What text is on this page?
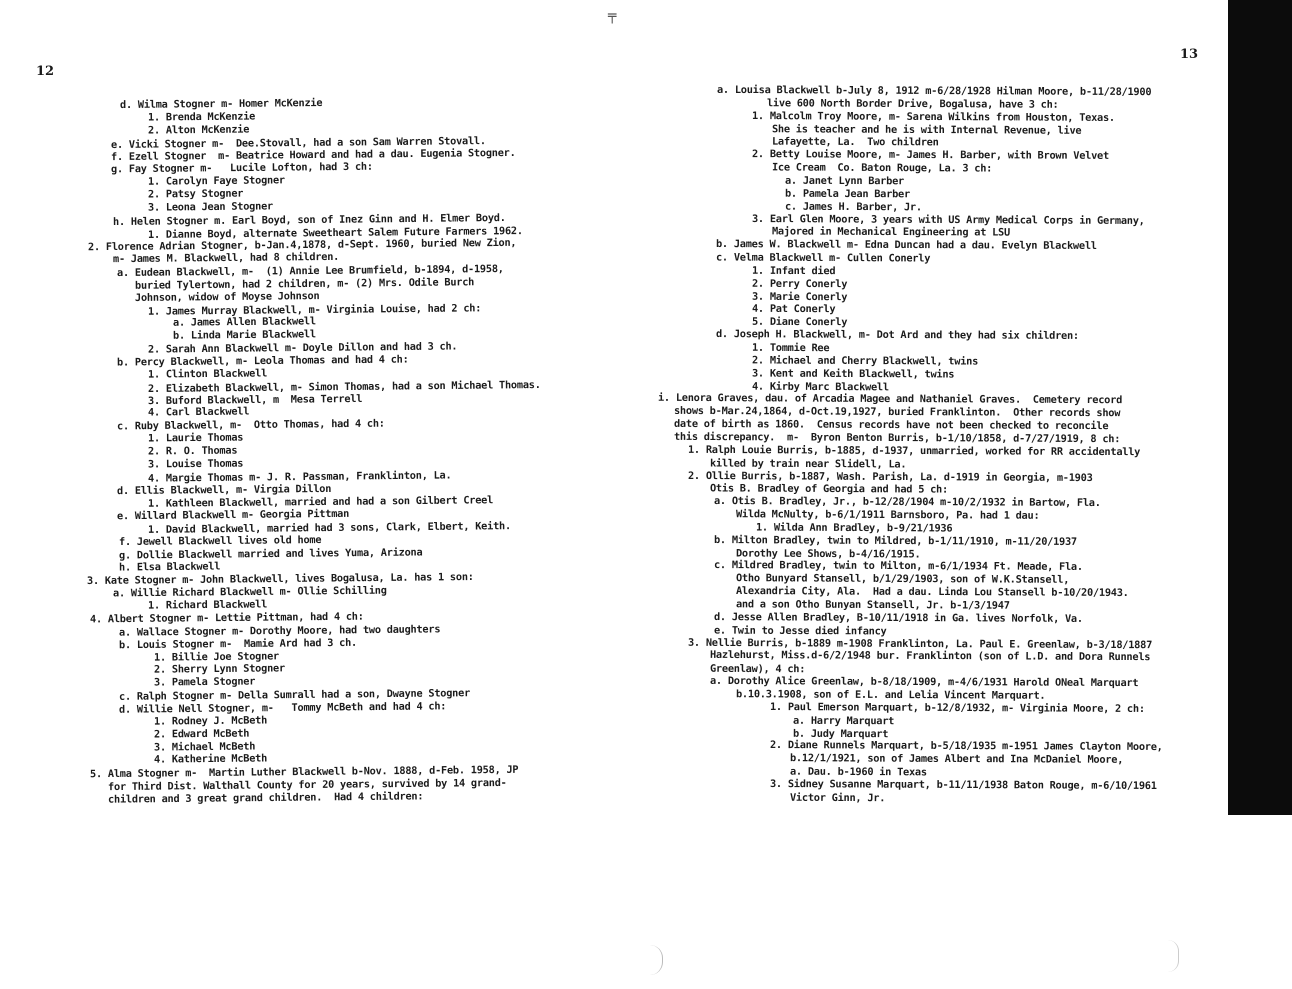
12
d. Wilma Stogner m- Homer McKenzie
1. Brenda McKenzie
2. Alton McKenzie
e. Vicki Stogner m-  Dee.Stovall, had a son Sam Warren Stovall.
f. Ezell Stogner  m- Beatrice Howard and had a dau. Eugenia Stogner.
g. Fay Stogner m-   Lucile Lofton, had 3 ch:
1. Carolyn Faye Stogner
2. Patsy Stogner
3. Leona Jean Stogner
h. Helen Stogner m. Earl Boyd, son of Inez Ginn and H. Elmer Boyd.
1. Dianne Boyd, alternate Sweetheart Salem Future Farmers 1962.
2. Florence Adrian Stogner, b-Jan.4,1878, d-Sept. 1960, buried New Zion,
m- James M. Blackwell, had 8 children.
a. Eudean Blackwell, m-  (1) Annie Lee Brumfield, b-1894, d-1958,
buried Tylertown, had 2 children, m- (2) Mrs. Odile Burch
Johnson, widow of Moyse Johnson
1. James Murray Blackwell, m- Virginia Louise, had 2 ch:
a. James Allen Blackwell
b. Linda Marie Blackwell
2. Sarah Ann Blackwell m- Doyle Dillon and had 3 ch.
b. Percy Blackwell, m- Leola Thomas and had 4 ch:
1. Clinton Blackwell
2. Elizabeth Blackwell, m- Simon Thomas, had a son Michael Thomas.
3. Buford Blackwell, m  Mesa Terrell
4. Carl Blackwell
c. Ruby Blackwell, m-  Otto Thomas, had 4 ch:
1. Laurie Thomas
2. R. O. Thomas
3. Louise Thomas
4. Margie Thomas m- J. R. Passman, Franklinton, La.
d. Ellis Blackwell, m- Virgia Dillon
1. Kathleen Blackwell, married and had a son Gilbert Creel
e. Willard Blackwell m- Georgia Pittman
1. David Blackwell, married had 3 sons, Clark, Elbert, Keith.
f. Jewell Blackwell lives old home
g. Dollie Blackwell married and lives Yuma, Arizona
h. Elsa Blackwell
3. Kate Stogner m- John Blackwell, lives Bogalusa, La. has 1 son:
a. Willie Richard Blackwell m- Ollie Schilling
1. Richard Blackwell
4. Albert Stogner m- Lettie Pittman, had 4 ch:
a. Wallace Stogner m- Dorothy Moore, had two daughters
b. Louis Stogner m-  Mamie Ard had 3 ch.
1. Billie Joe Stogner
2. Sherry Lynn Stogner
3. Pamela Stogner
c. Ralph Stogner m- Della Sumrall had a son, Dwayne Stogner
d. Willie Nell Stogner, m-   Tommy McBeth and had 4 ch:
1. Rodney J. McBeth
2. Edward McBeth
3. Michael McBeth
4. Katherine McBeth
5. Alma Stogner m-  Martin Luther Blackwell b-Nov. 1888, d-Feb. 1958, JP
for Third Dist. Walthall County for 20 years, survived by 14 grand-
children and 3 great grand children.  Had 4 children:
13
a. Louisa Blackwell b-July 8, 1912 m-6/28/1928 Hilman Moore, b-11/28/1900
live 600 North Border Drive, Bogalusa, have 3 ch:
1. Malcolm Troy Moore, m- Sarena Wilkins from Houston, Texas.
She is teacher and he is with Internal Revenue, live
Lafayette, La.  Two children
2. Betty Louise Moore, m- James H. Barber, with Brown Velvet
Ice Cream  Co. Baton Rouge, La. 3 ch:
a. Janet Lynn Barber
b. Pamela Jean Barber
c. James H. Barber, Jr.
3. Earl Glen Moore, 3 years with US Army Medical Corps in Germany,
Majored in Mechanical Engineering at LSU
b. James W. Blackwell m- Edna Duncan had a dau. Evelyn Blackwell
c. Velma Blackwell m- Cullen Conerly
1. Infant died
2. Perry Conerly
3. Marie Conerly
4. Pat Conerly
5. Diane Conerly
d. Joseph H. Blackwell, m- Dot Ard and they had six children:
1. Tommie Ree
2. Michael and Cherry Blackwell, twins
3. Kent and Keith Blackwell, twins
4. Kirby Marc Blackwell
i. Lenora Graves, dau. of Arcadia Magee and Nathaniel Graves.  Cemetery record
shows b-Mar.24,1864, d-Oct.19,1927, buried Franklinton.  Other records show
date of birth as 1860.  Census records have not been checked to reconcile
this discrepancy.  m-  Byron Benton Burris, b-1/10/1858, d-7/27/1919, 8 ch:
1. Ralph Louie Burris, b-1885, d-1937, unmarried, worked for RR accidentally
killed by train near Slidell, La.
2. Ollie Burris, b-1887, Wash. Parish, La. d-1919 in Georgia, m-1903
Otis B. Bradley of Georgia and had 5 ch:
a. Otis B. Bradley, Jr., b-12/28/1904 m-10/2/1932 in Bartow, Fla.
Wilda McNulty, b-6/1/1911 Barnsboro, Pa. had 1 dau:
1. Wilda Ann Bradley, b-9/21/1936
b. Milton Bradley, twin to Mildred, b-1/11/1910, m-11/20/1937
Dorothy Lee Shows, b-4/16/1915.
c. Mildred Bradley, twin to Milton, m-6/1/1934 Ft. Meade, Fla.
Otho Bunyard Stansell, b/1/29/1903, son of W.K.Stansell,
Alexandria City, Ala.  Had a dau. Linda Lou Stansell b-10/20/1943.
and a son Otho Bunyan Stansell, Jr. b-1/3/1947
d. Jesse Allen Bradley, B-10/11/1918 in Ga. lives Norfolk, Va.
e. Twin to Jesse died infancy
3. Nellie Burris, b-1889 m-1908 Franklinton, La. Paul E. Greenlaw, b-3/18/1887
Hazlehurst, Miss.d-6/2/1948 bur. Franklinton (son of L.D. and Dora Runnels
Greenlaw), 4 ch:
a. Dorothy Alice Greenlaw, b-8/18/1909, m-4/6/1931 Harold ONeal Marquart
b.10.3.1908, son of E.L. and Lelia Vincent Marquart.
1. Paul Emerson Marquart, b-12/8/1932, m- Virginia Moore, 2 ch:
a. Harry Marquart
b. Judy Marquart
2. Diane Runnels Marquart, b-5/18/1935 m-1951 James Clayton Moore,
b.12/1/1921, son of James Albert and Ina McDaniel Moore,
a. Dau. b-1960 in Texas
3. Sidney Susanne Marquart, b-11/11/1938 Baton Rouge, m-6/10/1961
Victor Ginn, Jr.
╤
